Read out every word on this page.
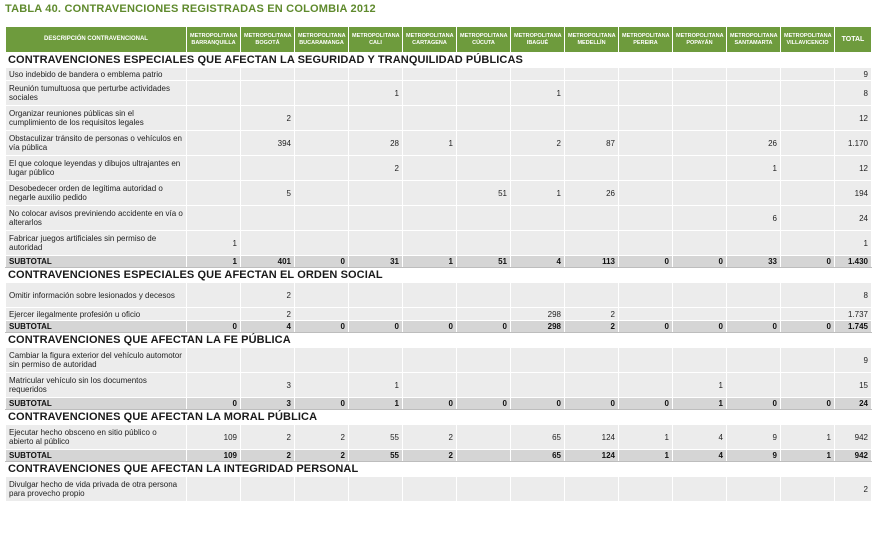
TABLA 40. CONTRAVENCIONES REGISTRADAS EN COLOMBIA 2012
DESCRIPCIÓN CONTRAVENCIONAL	METROPOLITANA BARRANQUILLA	METROPOLITANA BOGOTÁ	METROPOLITANA BUCARAMANGA	METROPOLITANA CALI	METROPOLITANA CARTAGENA	METROPOLITANA CÚCUTA	METROPOLITANA IBAGUÉ	METROPOLITANA MEDELLÍN	METROPOLITANA PEREIRA	METROPOLITANA POPAYÁN	METROPOLITANA SANTAMARTA	METROPOLITANA VILLAVICENCIO	TOTAL
CONTRAVENCIONES ESPECIALES QUE AFECTAN LA SEGURIDAD Y TRANQUILIDAD PÚBLICAS													
Uso indebido de bandera o emblema patrio													9
Reunión tumultuosa que perturbe actividades sociales				1			1						8
Organizar reuniones públicas sin el cumplimiento de los requisitos legales		2											12
Obstaculizar tránsito de personas o vehículos en vía pública		394		28	1		2	87			26		1.170
El que coloque leyendas y dibujos ultrajantes en lugar público				2							1		12
Desobedecer orden de legítima autoridad o negarle auxilio pedido		5				51	1	26					194
No colocar avisos previniendo accidente en vía o alterarlos											6		24
Fabricar juegos artificiales sin permiso de autoridad	1												1
SUBTOTAL	1	401	0	31	1	51	4	113	0	0	33	0	1.430
CONTRAVENCIONES ESPECIALES QUE AFECTAN EL ORDEN SOCIAL													
Omitir información sobre lesionados y decesos		2											8
Ejercer ilegalmente profesión u oficio		2					298	2					1.737
SUBTOTAL	0	4	0	0	0	0	298	2	0	0	0	0	1.745
CONTRAVENCIONES QUE AFECTAN LA FE PÚBLICA													
Cambiar la figura exterior del vehículo automotor sin permiso de autoridad													9
Matricular vehículo sin los documentos requeridos		3		1						1			15
SUBTOTAL	0	3	0	1	0	0	0	0	0	1	0	0	24
CONTRAVENCIONES QUE AFECTAN LA MORAL PÚBLICA													
Ejecutar hecho obsceno en sitio público o abierto al público	109	2	2	55	2		65	124	1	4	9	1	942
SUBTOTAL	109	2	2	55	2		65	124	1	4	9	1	942
CONTRAVENCIONES QUE AFECTAN LA INTEGRIDAD PERSONAL													
Divulgar hecho de vida privada de otra persona para provecho propio													2
